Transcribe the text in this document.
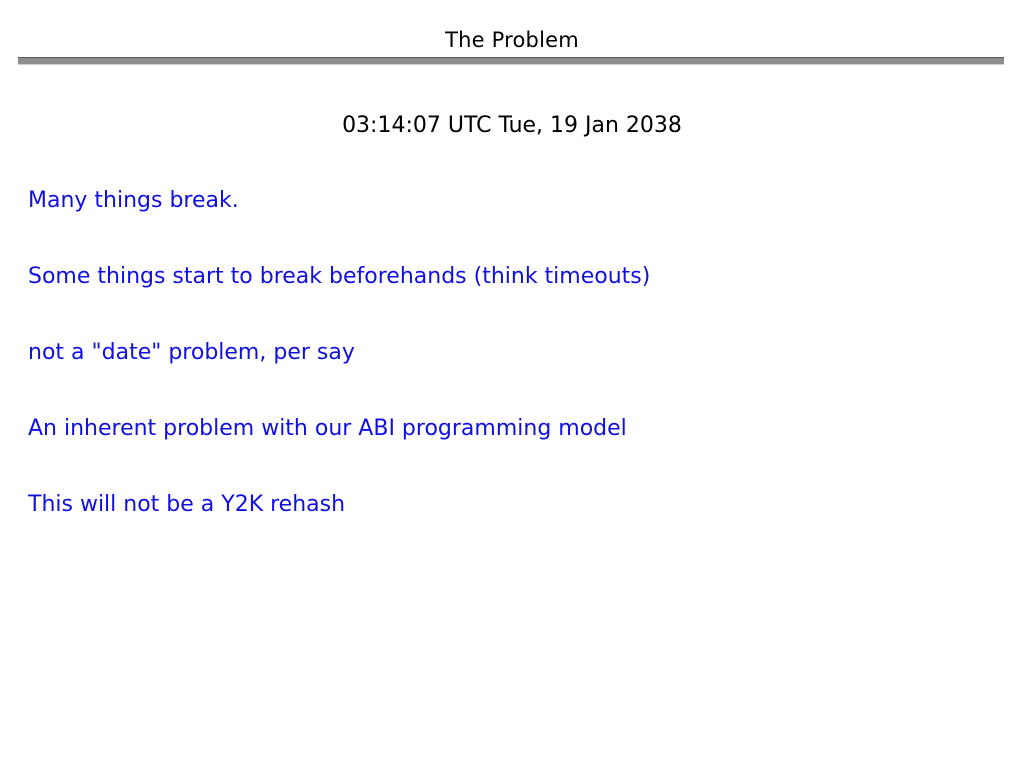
The Problem
03:14:07 UTC Tue, 19 Jan 2038
Many things break.
Some things start to break beforehands (think timeouts)
not a "date" problem, per say
An inherent problem with our ABI programming model
This will not be a Y2K rehash
